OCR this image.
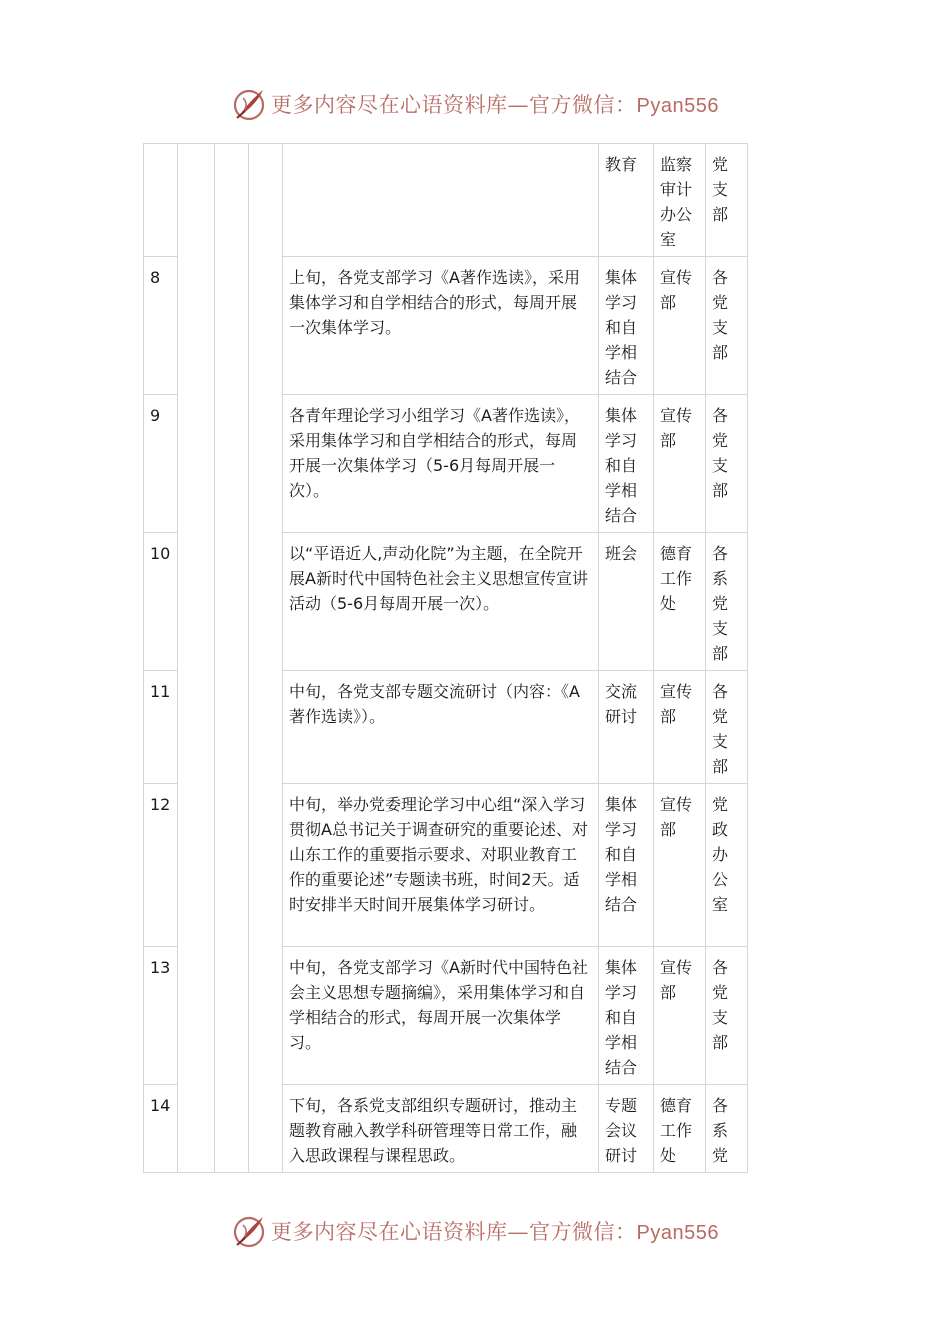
更多内容尽在心语资料库—官方微信：Pyan556
					教育	监察审计办公室	党支部
8				上旬，各党支部学习《A著作选读》，采用集体学习和自学相结合的形式，每周开展一次集体学习。	集体学习和自学相结合	宣传部	各党支部
9				各青年理论学习小组学习《A著作选读》，采用集体学习和自学相结合的形式，每周开展一次集体学习（5-6月每周开展一次）。	集体学习和自学相结合	宣传部	各党支部
10				以“平语近人,声动化院”为主题，在全院开展A新时代中国特色社会主义思想宣传宣讲活动（5-6月每周开展一次）。	班会	德育工作处	各系党支部
11				中旬，各党支部专题交流研讨（内容：《A著作选读》）。	交流研讨	宣传部	各党支部
12				中旬，举办党委理论学习中心组“深入学习贯彻A总书记关于调查研究的重要论述、对山东工作的重要指示要求、对职业教育工作的重要论述”专题读书班，时间2天。适时安排半天时间开展集体学习研讨。	集体学习和自学相结合	宣传部	党政办公室
13				中旬，各党支部学习《A新时代中国特色社会主义思想专题摘编》，采用集体学习和自学相结合的形式，每周开展一次集体学习。	集体学习和自学相结合	宣传部	各党支部
14				下旬，各系党支部组织专题研讨，推动主题教育融入教学科研管理等日常工作，融入思政课程与课程思政。	专题会议研讨	德育工作处	各系党
更多内容尽在心语资料库—官方微信：Pyan556
